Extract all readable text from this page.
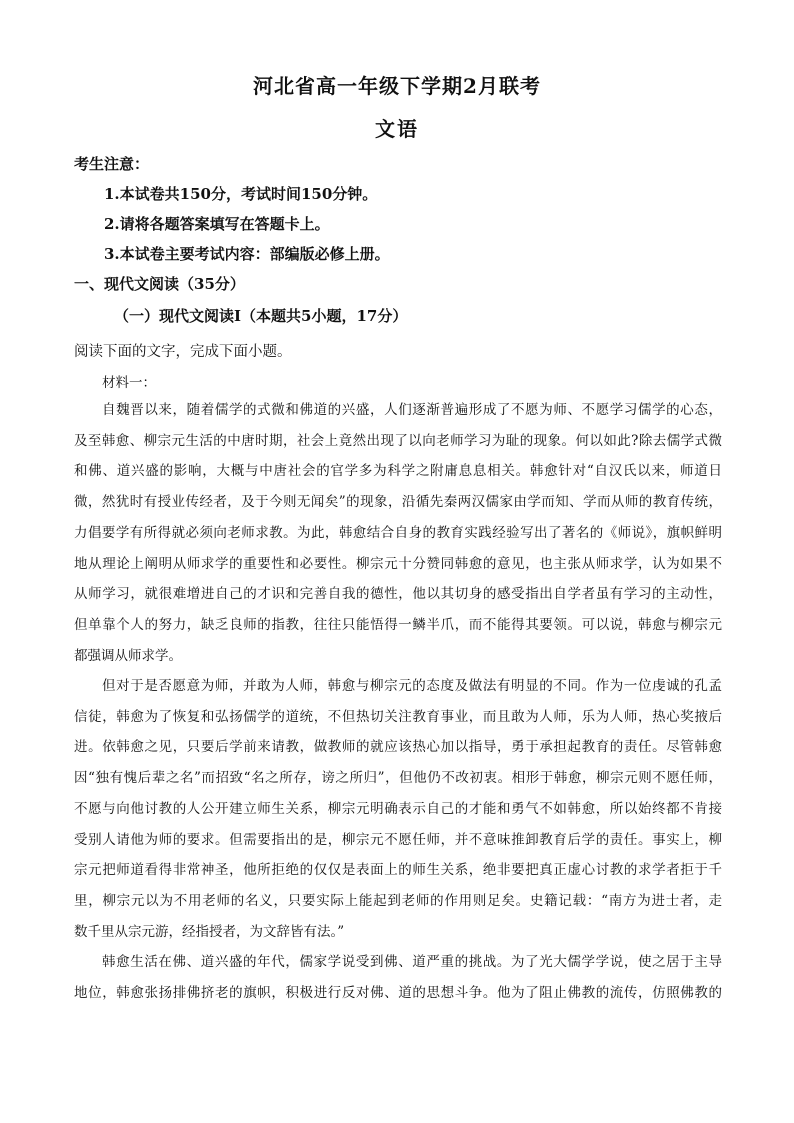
河北省高一年级下学期2月联考
文语
考生注意：
1.本试卷共150分，考试时间150分钟。
2.请将各题答案填写在答题卡上。
3.本试卷主要考试内容：部编版必修上册。
一、现代文阅读（35分）
（一）现代文阅读Ⅰ（本题共5小题，17分）
阅读下面的文字，完成下面小题。
材料一：
自魏晋以来，随着儒学的式微和佛道的兴盛，人们逐渐普遍形成了不愿为师、不愿学习儒学的心态，
及至韩愈、柳宗元生活的中唐时期，社会上竟然出现了以向老师学习为耻的现象。何以如此?除去儒学式微
和佛、道兴盛的影响，大概与中唐社会的官学多为科学之附庸息息相关。韩愈针对“自汉氏以来，师道日
微，然犹时有授业传经者，及于今则无闻矣”的现象，沿循先秦两汉儒家由学而知、学而从师的教育传统，
力倡要学有所得就必须向老师求教。为此，韩愈结合自身的教育实践经验写出了著名的《师说》，旗帜鲜明
地从理论上阐明从师求学的重要性和必要性。柳宗元十分赞同韩愈的意见，也主张从师求学，认为如果不
从师学习，就很难增进自己的才识和完善自我的德性，他以其切身的感受指出自学者虽有学习的主动性，
但单靠个人的努力，缺乏良师的指教，往往只能悟得一鳞半爪，而不能得其要领。可以说，韩愈与柳宗元
都强调从师求学。
但对于是否愿意为师，并敢为人师，韩愈与柳宗元的态度及做法有明显的不同。作为一位虔诚的孔孟
信徒，韩愈为了恢复和弘扬儒学的道统，不但热切关注教育事业，而且敢为人师，乐为人师，热心奖掖后
进。依韩愈之见，只要后学前来请教，做教师的就应该热心加以指导，勇于承担起教育的责任。尽管韩愈
因“独有愧后辈之名”而招致“名之所存，谤之所归”，但他仍不改初衷。相形于韩愈，柳宗元则不愿任师，
不愿与向他讨教的人公开建立师生关系，柳宗元明确表示自己的才能和勇气不如韩愈，所以始终都不肯接
受别人请他为师的要求。但需要指出的是，柳宗元不愿任师，并不意味推卸教育后学的责任。事实上，柳
宗元把师道看得非常神圣，他所拒绝的仅仅是表面上的师生关系，绝非要把真正虚心讨教的求学者拒于千
里，柳宗元以为不用老师的名义，只要实际上能起到老师的作用则足矣。史籍记载：“南方为进士者，走
数千里从宗元游，经指授者，为文辞皆有法。”
韩愈生活在佛、道兴盛的年代，儒家学说受到佛、道严重的挑战。为了光大儒学学说，使之居于主导
地位，韩愈张扬排佛挤老的旗帜，积极进行反对佛、道的思想斗争。他为了阻止佛教的流传，仿照佛教的
